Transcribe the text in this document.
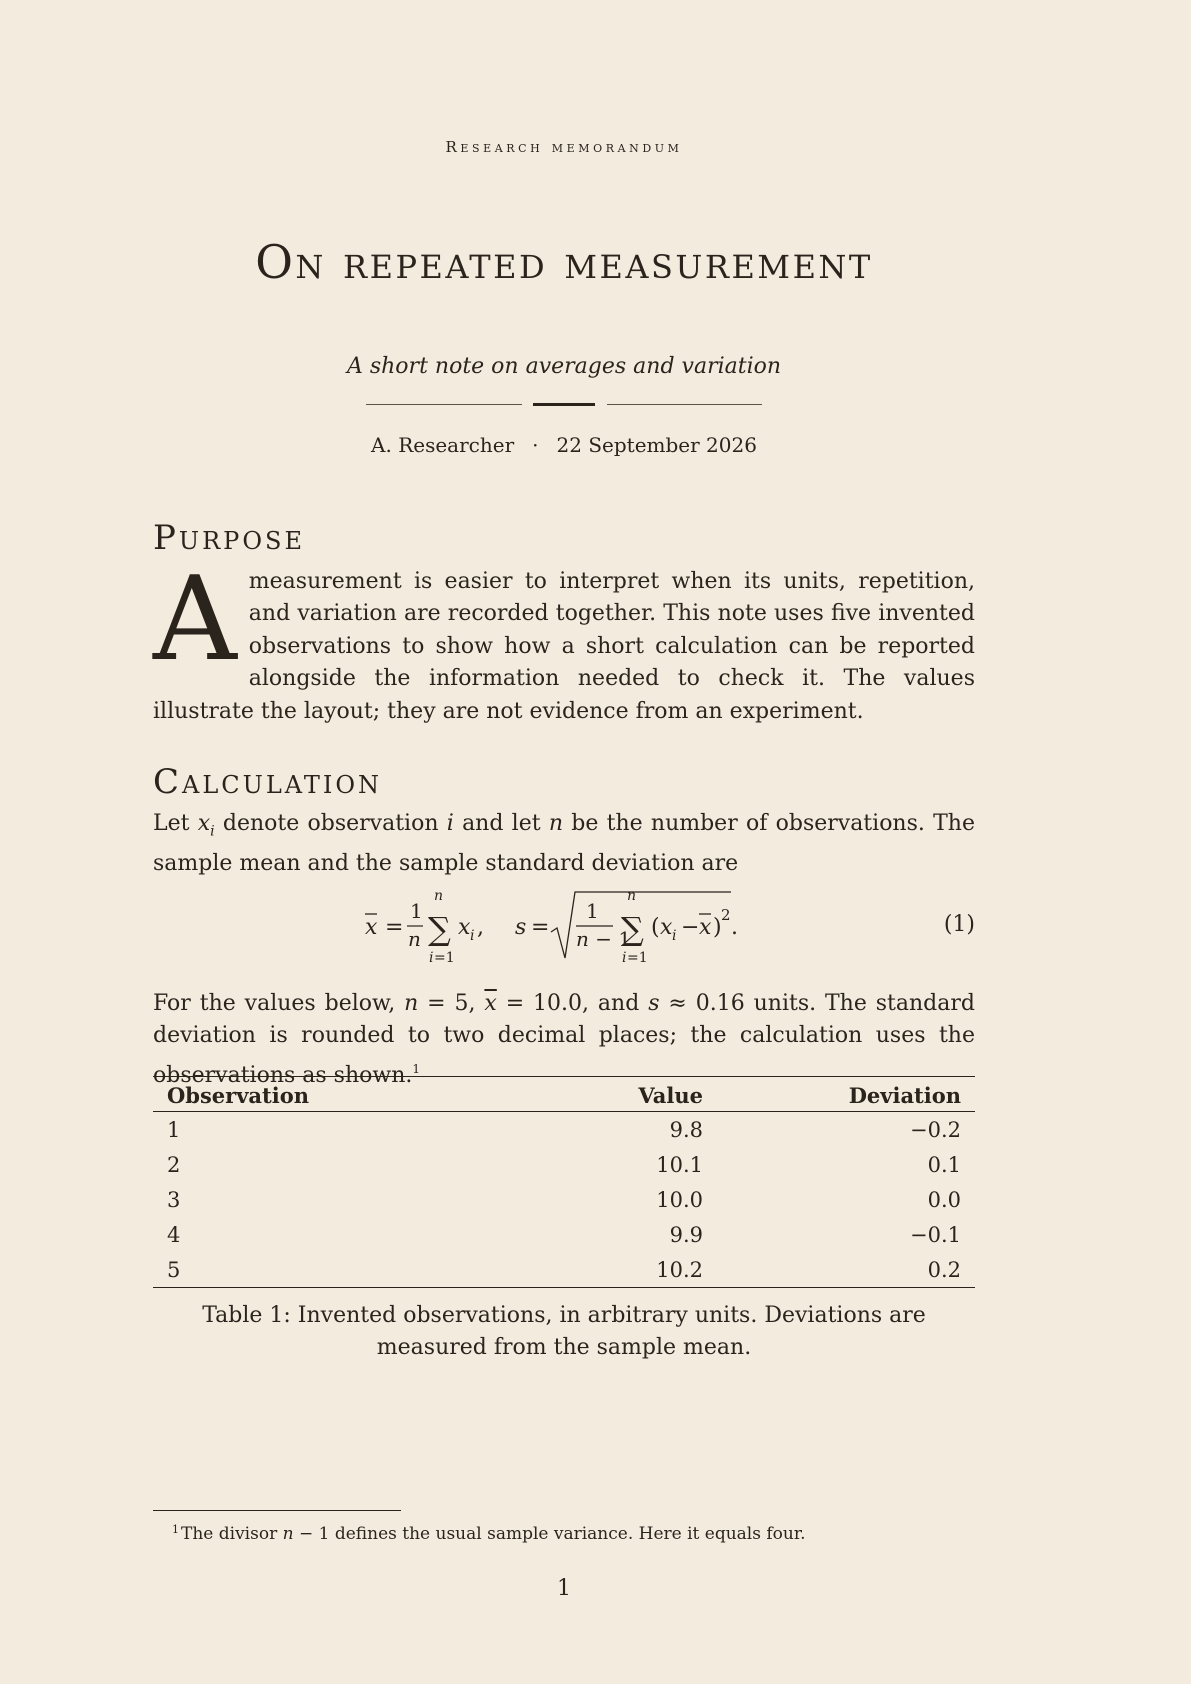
Research memorandum
On repeated measurement
A short note on averages and variation
A. Researcher · 22 September 2026
Purpose

Ameasurement is easier to interpret when its units, repetition, and variation are recorded together. This note uses five invented observations to show how a short calculation can be reported alongside the information needed to check it. The values illustrate the layout; they are not evidence from an experiment.

Calculation

Let $x_i$ denote observation i and let n be the number of observations. The sample mean and the sample standard deviation are

x =
1
n
n
∑
i =1
x i , s =
1
n − 1
n
∑
i =1
( x i − x ) 2 .	(1)

For the values below, n = 5, $\overline{x} = 10.0$, and s ≈ 0.16 units. The standard deviation is rounded to two decimal places; the calculation uses the observations as shown.$^1$

Observation	Value	Deviation
1	9.8	−0.2
2	10.1	0.1
3	10.0	0.0
4	9.9	−0.1
5	10.2	0.2
Table 1: Invented observations, in arbitrary units. Deviations are measured from the sample mean.
$^1$ The divisor n − 1 defines the usual sample variance. Here it equals four.
1
